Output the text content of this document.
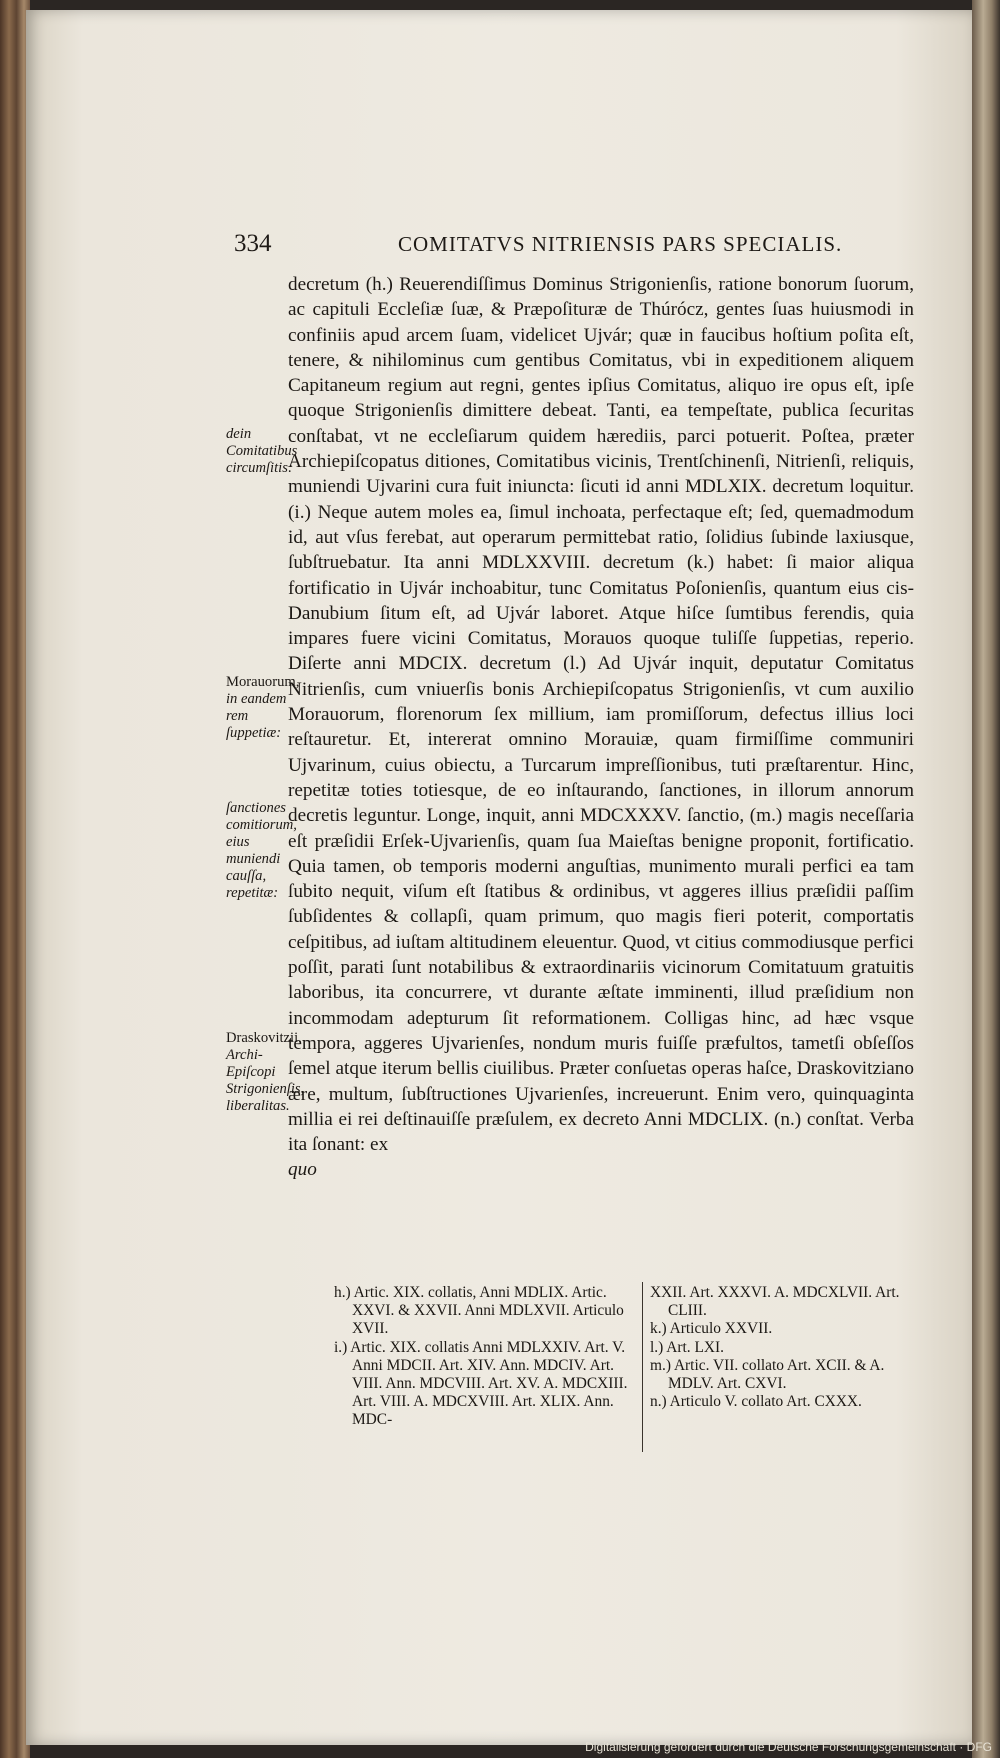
334	COMITATVS NITRIENSIS PARS SPECIALIS.
dein Comitatibus circumſitis:
Morauorum, in eandem rem ſuppetiæ:
ſanctiones comitiorum, eius muniendi cauſſa, repetitæ:
Draskovitzii, Archi-Epiſcopi Strigonienſis, liberalitas.

decretum (h.) Reuerendiſſimus Dominus Strigonienſis, ratione bonorum ſuorum, ac capituli Eccleſiæ ſuæ, & Præpoſituræ de Thúrócz, gentes ſuas huiusmodi in confiniis apud arcem ſuam, videlicet Ujvár; quæ in faucibus hoſtium poſita eſt, tenere, & nihilominus cum gentibus Comitatus, vbi in expeditionem aliquem Capitaneum regium aut regni, gentes ipſius Comitatus, aliquo ire opus eſt, ipſe quoque Strigonienſis dimittere debeat. Tanti, ea tempeſtate, publica ſecuritas conſtabat, vt ne eccleſiarum quidem hærediis, parci potuerit. Poſtea, præter Archiepiſcopatus ditiones, Comitatibus vicinis, Trentſchinenſi, Nitrienſi, reliquis, muniendi Ujvarini cura fuit iniuncta: ſicuti id anni MDLXIX. decretum loquitur. (i.) Neque autem moles ea, ſimul inchoata, perfectaque eſt; ſed, quemadmodum id, aut vſus ferebat, aut operarum permittebat ratio, ſolidius ſubinde laxiusque, ſubſtruebatur. Ita anni MDLXXVIII. decretum (k.) habet: ſi maior aliqua fortificatio in Ujvár inchoabitur, tunc Comitatus Poſonienſis, quantum eius cis-Danubium ſitum eſt, ad Ujvár laboret. Atque hiſce ſumtibus ferendis, quia impares fuere vicini Comitatus, Morauos quoque tuliſſe ſuppetias, reperio. Diſerte anni MDCIX. decretum (l.) Ad Ujvár inquit, deputatur Comitatus Nitrienſis, cum vniuerſis bonis Archiepiſcopatus Strigonienſis, vt cum auxilio Morauorum, florenorum ſex millium, iam promiſſorum, defectus illius loci reſtauretur. Et, intererat omnino Morauiæ, quam firmiſſime communiri Ujvarinum, cuius obiectu, a Turcarum impreſſionibus, tuti præſtarentur. Hinc, repetitæ toties totiesque, de eo inſtaurando, ſanctiones, in illorum annorum decretis leguntur. Longe, inquit, anni MDCXXXV. ſanctio, (m.) magis neceſſaria eſt præſidii Erſek-Ujvarienſis, quam ſua Maieſtas benigne proponit, fortificatio. Quia tamen, ob temporis moderni anguſtias, munimento murali perfici ea tam ſubito nequit, viſum eſt ſtatibus & ordinibus, vt aggeres illius præſidii paſſim ſubſidentes & collapſi, quam primum, quo magis fieri poterit, comportatis ceſpitibus, ad iuſtam altitudinem eleuentur. Quod, vt citius commodiusque perfici poſſit, parati ſunt notabilibus & extraordinariis vicinorum Comitatuum gratuitis laboribus, ita concurrere, vt durante æſtate imminenti, illud præſidium non incommodam adepturum ſit reformationem. Colligas hinc, ad hæc vsque tempora, aggeres Ujvarienſes, nondum muris fuiſſe præfultos, tametſi obſeſſos ſemel atque iterum bellis ciuilibus. Præter conſuetas operas haſce, Draskovitziano ære, multum, ſubſtructiones Ujvarienſes, increuerunt. Enim vero, quinquaginta millia ei rei deſtinauiſſe præſulem, ex decreto Anni MDCLIX. (n.) conſtat. Verba ita ſonant: ex

quo

h.) Artic. XIX. collatis, Anni MDLIX. Artic. XXVI. & XXVII. Anni MDLXVII. Articulo XVII.
i.) Artic. XIX. collatis Anni MDLXXIV. Art. V. Anni MDCII. Art. XIV. Ann. MDCIV. Art. VIII. Ann. MDCVIII. Art. XV. A. MDCXIII. Art. VIII. A. MDCXVIII. Art. XLIX. Ann. MDC-
XXII. Art. XXXVI. A. MDCXLVII. Art. CLIII.
k.) Articulo XXVII.
l.) Art. LXI.
m.) Artic. VII. collato Art. XCII. & A. MDLV. Art. CXVI.
n.) Articulo V. collato Art. CXXX.
Digitalisierung gefördert durch die Deutsche Forschungsgemeinschaft · DFG
